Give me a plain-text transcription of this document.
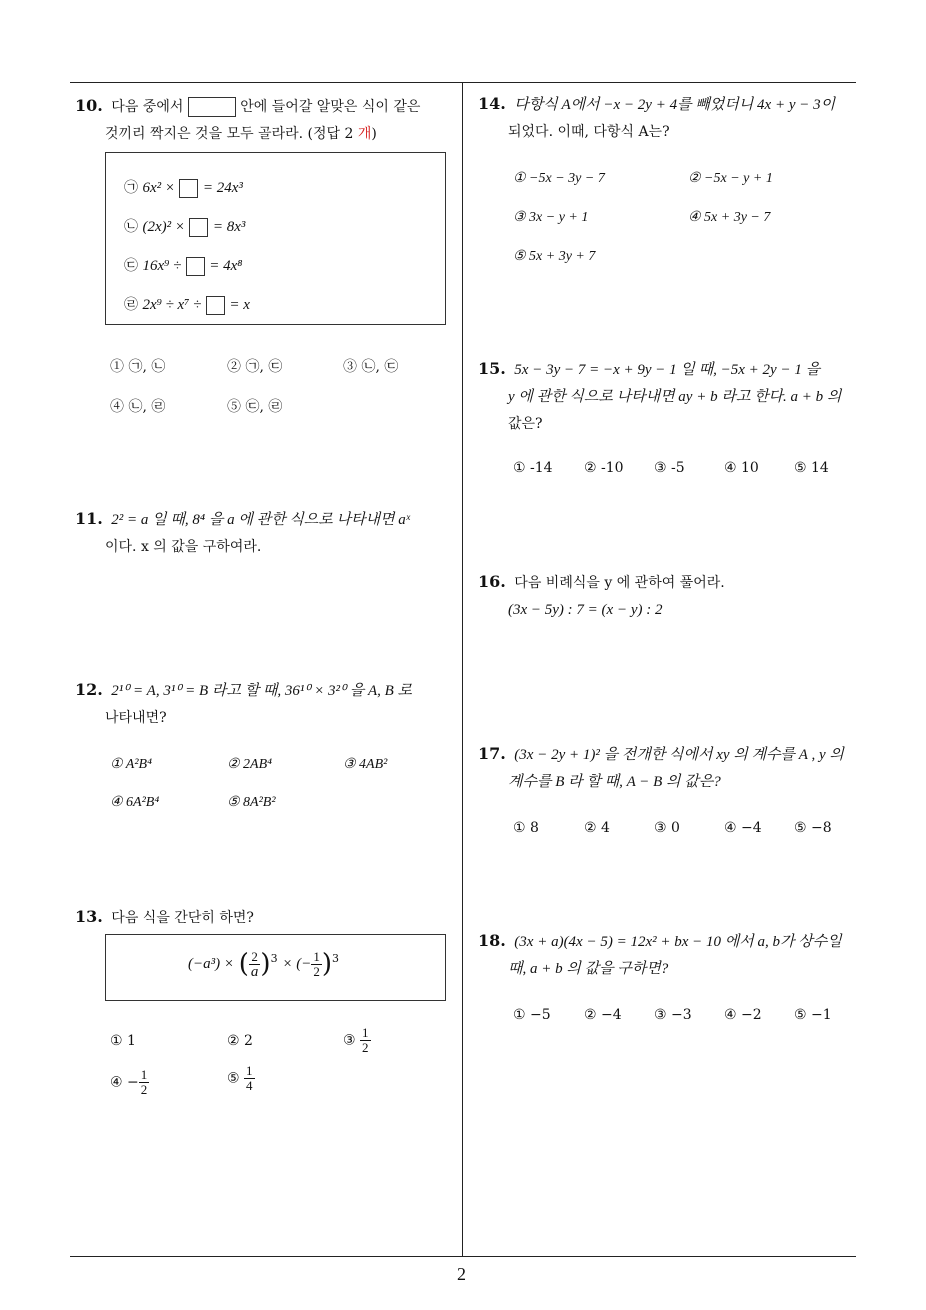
10. 다음 중에서	안에 들어갈 알맞은 식이 같은
것끼리 짝지은 것을 모두 골라라. (정답 2 개)
㉠ 6x² × = 24x³
㉡ (2x)² × = 8x³
㉢ 16x⁹ ÷ = 4x⁸
㉣ 2x⁹ ÷ x⁷ ÷ = x
① ㉠, ㉡	② ㉠, ㉢	③ ㉡, ㉢
④ ㉡, ㉣	⑤ ㉢, ㉣
11. 2² = a 일 때, 8⁴ 을 a 에 관한 식으로 나타내면 aˣ
이다. x 의 값을 구하여라.
12. 2¹⁰ = A, 3¹⁰ = B 라고 할 때, 36¹⁰ × 3²⁰ 을 A, B 로
나타내면?
① A²B⁴	② 2AB⁴	③ 4AB²
④ 6A²B⁴	⑤ 8A²B²
13. 다음 식을 간단히 하면?
(−a³) × ( $\frac{2}{a} )^3$ × (− $\frac{1}{2} )^3$
① 1	② 2	③ $\frac{1}{2}$
④ − $\frac{1}{2}$	⑤ $\frac{1}{4}$
14. 다항식 A에서 −x − 2y + 4를 빼었더니 4x + y − 3이
되었다. 이때, 다항식 A는?
① −5x − 3y − 7	② −5x − y + 1
③ 3x − y + 1	④ 5x + 3y − 7
⑤ 5x + 3y + 7
15. 5x − 3y − 7 = −x + 9y − 1 일 때, −5x + 2y − 1 을
y 에 관한 식으로 나타내면 ay + b 라고 한다. a + b 의
값은?
① -14 ② -10 ③ -5	④ 10	⑤ 14
16. 다음 비례식을 y 에 관하여 풀어라.
(3x − 5y) : 7 = (x − y) : 2
17. (3x − 2y + 1)² 을 전개한 식에서 xy 의 계수를 A , y 의
계수를 B 라 할 때, A − B 의 값은?
① 8	② 4	③ 0	④ −4 ⑤ −8
18. (3x + a)(4x − 5) = 12x² + bx − 10 에서 a, b가 상수일
때, a + b 의 값을 구하면?
① −5 ② −4 ③ −3 ④ −2 ⑤ −1
2
